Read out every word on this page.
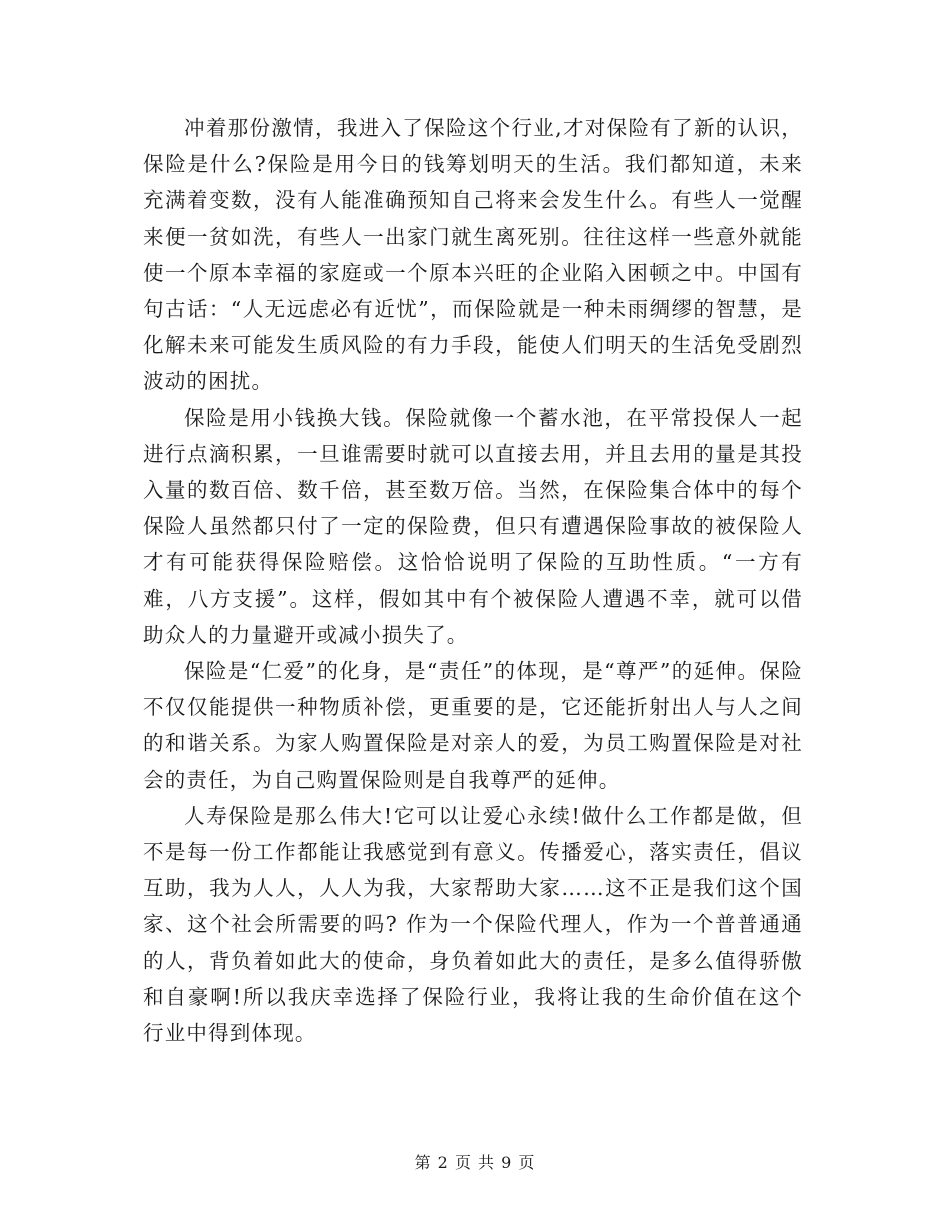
冲着那份激情，我进入了保险这个行业,才对保险有了新的认识，保险是什么?保险是用今日的钱筹划明天的生活。我们都知道，未来充满着变数，没有人能准确预知自己将来会发生什么。有些人一觉醒来便一贫如洗，有些人一出家门就生离死别。往往这样一些意外就能使一个原本幸福的家庭或一个原本兴旺的企业陷入困顿之中。中国有句古话：“人无远虑必有近忧”，而保险就是一种未雨绸缪的智慧，是化解未来可能发生质风险的有力手段，能使人们明天的生活免受剧烈波动的困扰。

保险是用小钱换大钱。保险就像一个蓄水池，在平常投保人一起进行点滴积累，一旦谁需要时就可以直接去用，并且去用的量是其投入量的数百倍、数千倍，甚至数万倍。当然，在保险集合体中的每个保险人虽然都只付了一定的保险费，但只有遭遇保险事故的被保险人才有可能获得保险赔偿。这恰恰说明了保险的互助性质。“一方有难，八方支援”。这样，假如其中有个被保险人遭遇不幸，就可以借助众人的力量避开或减小损失了。

保险是“仁爱”的化身，是“责任”的体现，是“尊严”的延伸。保险不仅仅能提供一种物质补偿，更重要的是，它还能折射出人与人之间的和谐关系。为家人购置保险是对亲人的爱，为员工购置保险是对社会的责任，为自己购置保险则是自我尊严的延伸。

人寿保险是那么伟大!它可以让爱心永续!做什么工作都是做，但不是每一份工作都能让我感觉到有意义。传播爱心，落实责任，倡议互助，我为人人，人人为我，大家帮助大家……这不正是我们这个国家、这个社会所需要的吗? 作为一个保险代理人，作为一个普普通通的人，背负着如此大的使命，身负着如此大的责任，是多么值得骄傲和自豪啊!所以我庆幸选择了保险行业，我将让我的生命价值在这个行业中得到体现。

第 2 页 共 9 页
